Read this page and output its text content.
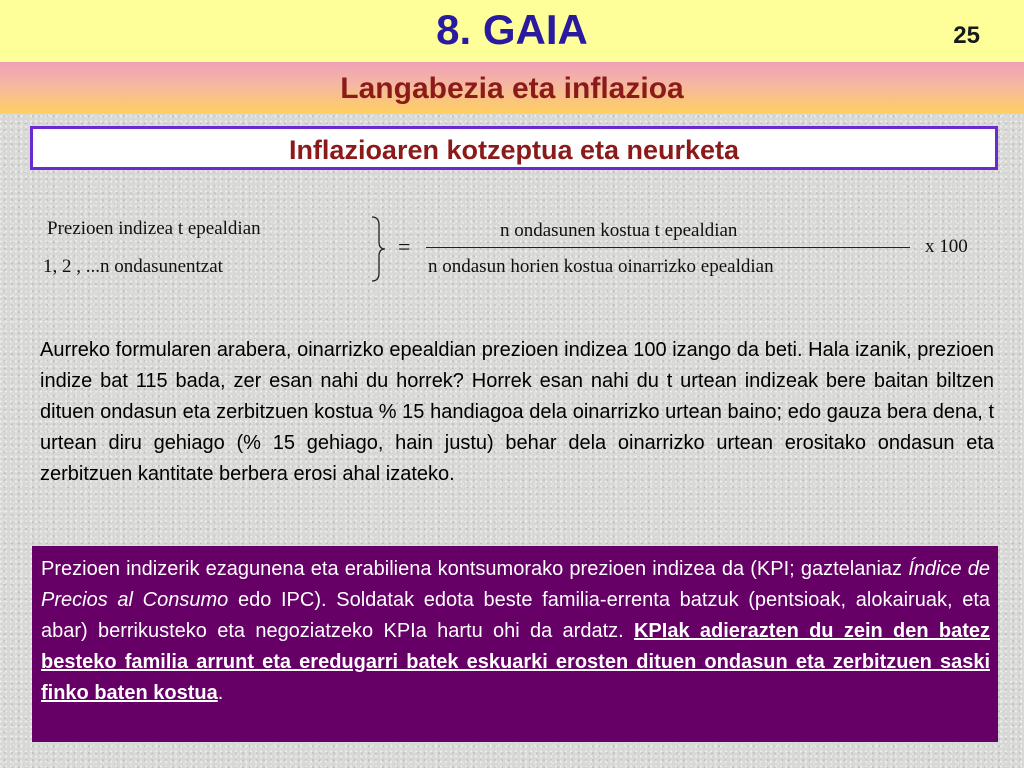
8. GAIA	25
Langabezia eta inflazioa
Inflazioaren kotzeptua eta neurketa
Prezioen indizea t epealdian
1, 2 , ...n ondasunentzat
=
n ondasunen kostua t epealdian
n ondasun horien kostua oinarrizko epealdian
x 100

Aurreko formularen arabera, oinarrizko epealdian prezioen indizea 100 izango da beti. Hala izanik, prezioen indize bat 115 bada, zer esan nahi du horrek? Horrek esan nahi du t urtean indizeak bere baitan biltzen dituen ondasun eta zerbitzuen kostua % 15 handiagoa dela oinarrizko urtean baino; edo gauza bera dena, t urtean diru gehiago (% 15 gehiago, hain justu) behar dela oinarrizko urtean erositako ondasun eta zerbitzuen kantitate berbera erosi ahal izateko.

Prezioen indizerik ezagunena eta erabiliena kontsumorako prezioen indizea da (KPI; gaztelaniaz Índice de Precios al Consumo edo IPC). Soldatak edota beste familia-errenta batzuk (pentsioak, alokairuak, eta abar) berrikusteko eta negoziatzeko KPIa hartu ohi da ardatz. KPIak adierazten du zein den batez besteko familia arrunt eta eredugarri batek eskuarki erosten dituen ondasun eta zerbitzuen saski finko baten kostua.
